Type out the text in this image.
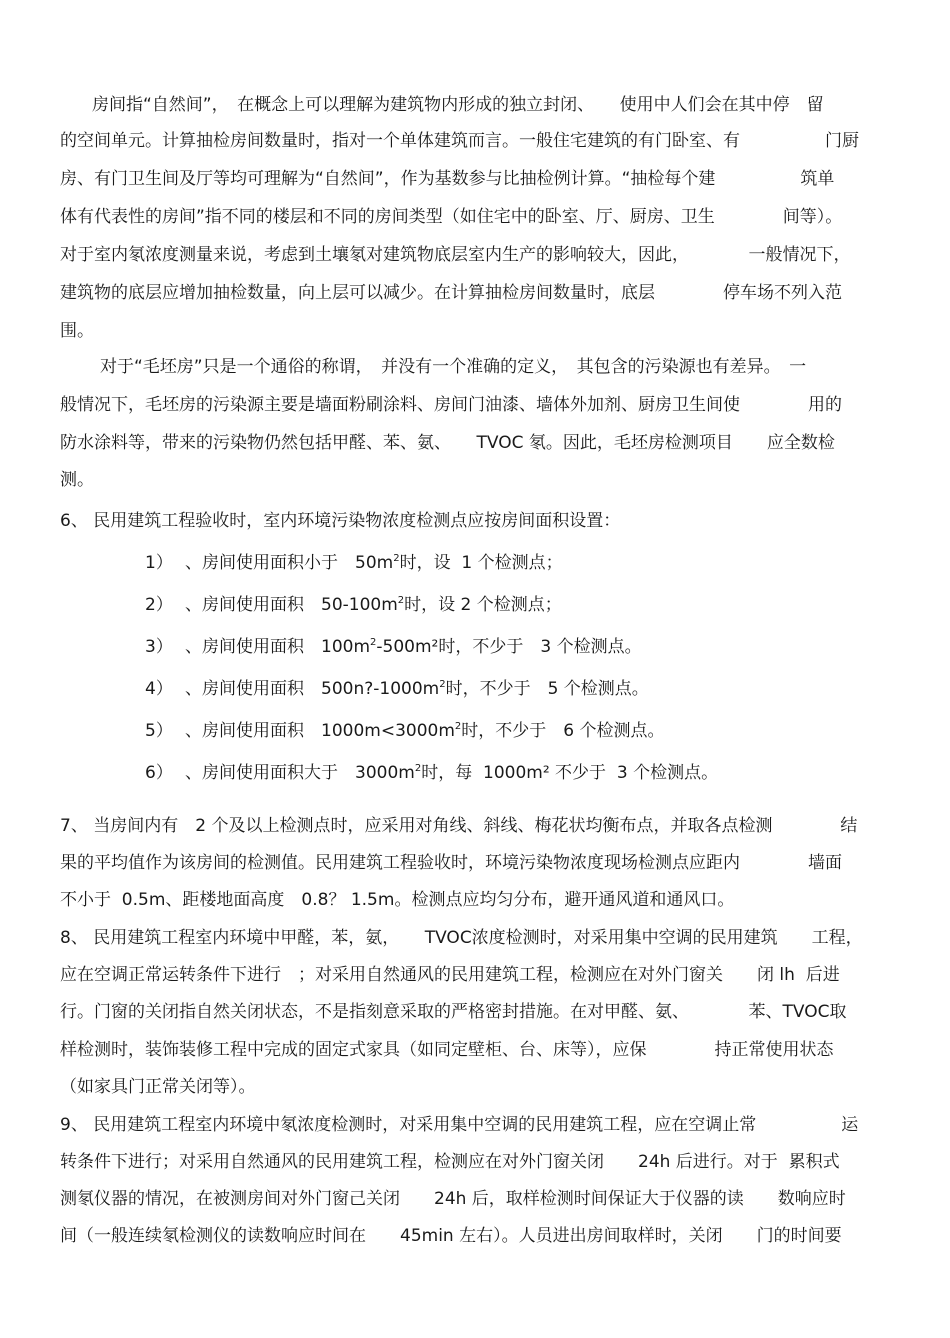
房间指“自然间”，　在概念上可以理解为建筑物内形成的独立封闭、　　使用中人们会在其中停　留
的空间单元。计算抽检房间数量时，指对一个单体建筑而言。一般住宅建筑的有门卧室、有　　　　　门厨
房、有门卫生间及厅等均可理解为“自然间”，作为基数参与比抽检例计算。“抽检每个建　　　　　筑单
体有代表性的房间”指不同的楼层和不同的房间类型（如住宅中的卧室、厅、厨房、卫生　　　　间等）。
对于室内氡浓度测量来说，考虑到土壤氡对建筑物底层室内生产的影响较大，因此，　　　　一般情况下，
建筑物的底层应增加抽检数量，向上层可以减少。在计算抽检房间数量时，底层　　　　停车场不列入范
围。
对于“毛坯房”只是一个通俗的称谓，　并没有一个准确的定义，　其包含的污染源也有差异。　一
般情况下，毛坯房的污染源主要是墙面粉刷涂料、房间门油漆、墙体外加剂、厨房卫生间使　　　　用的
防水涂料等，带来的污染物仍然包括甲醛、苯、氨、　　TVOC 氡。因此，毛坯房检测项目　　应全数检
测。
6、 民用建筑工程验收时，室内环境污染物浓度检测点应按房间面积设置：
1） 、房间使用面积小于　$50m^2$时，设  1 个检测点；
2） 、房间使用面积　$50-100m^2$时，设 2 个检测点；
3） 、房间使用面积　$100m^2-500m^2$时，不少于　3 个检测点。
4） 、房间使用面积　$500n?-1000m^2$时，不少于　5 个检测点。
5） 、房间使用面积　$1000m<3000m^2$时，不少于　6 个检测点。
6） 、房间使用面积大于　$3000m^2$时，每  1000m² 不少于  3 个检测点。
7、 当房间内有　2 个及以上检测点时，应采用对角线、斜线、梅花状均衡布点，并取各点检测　　　　结
果的平均值作为该房间的检测值。民用建筑工程验收时，环境污染物浓度现场检测点应距内　　　　墙面
不小于  0.5m、距楼地面高度　0.8？ 1.5m。检测点应均匀分布，避开通风道和通风口。
8、 民用建筑工程室内环境中甲醛，苯，氨，　　TVOC浓度检测时，对采用集中空调的民用建筑　　工程，
应在空调正常运转条件下进行　；对采用自然通风的民用建筑工程，检测应在对外门窗关　　闭 lh  后进
行。门窗的关闭指自然关闭状态，不是指刻意采取的严格密封措施。在对甲醛、氨、　　　　苯、TVOC取
样检测时，装饰装修工程中完成的固定式家具（如同定壁柜、台、床等），应保　　　　持正常使用状态
（如家具门正常关闭等）。
9、 民用建筑工程室内环境中氡浓度检测时，对采用集中空调的民用建筑工程，应在空调止常　　　　　运
转条件下进行；对采用自然通风的民用建筑工程，检测应在对外门窗关闭　　24h 后进行。对于  累积式
测氡仪器的情况，在被测房间对外门窗己关闭　　24h 后，取样检测时间保证大于仪器的读　　数响应时
间（一般连续氡检测仪的读数响应时间在　　45min 左右）。人员进出房间取样时，关闭　　门的时间要
